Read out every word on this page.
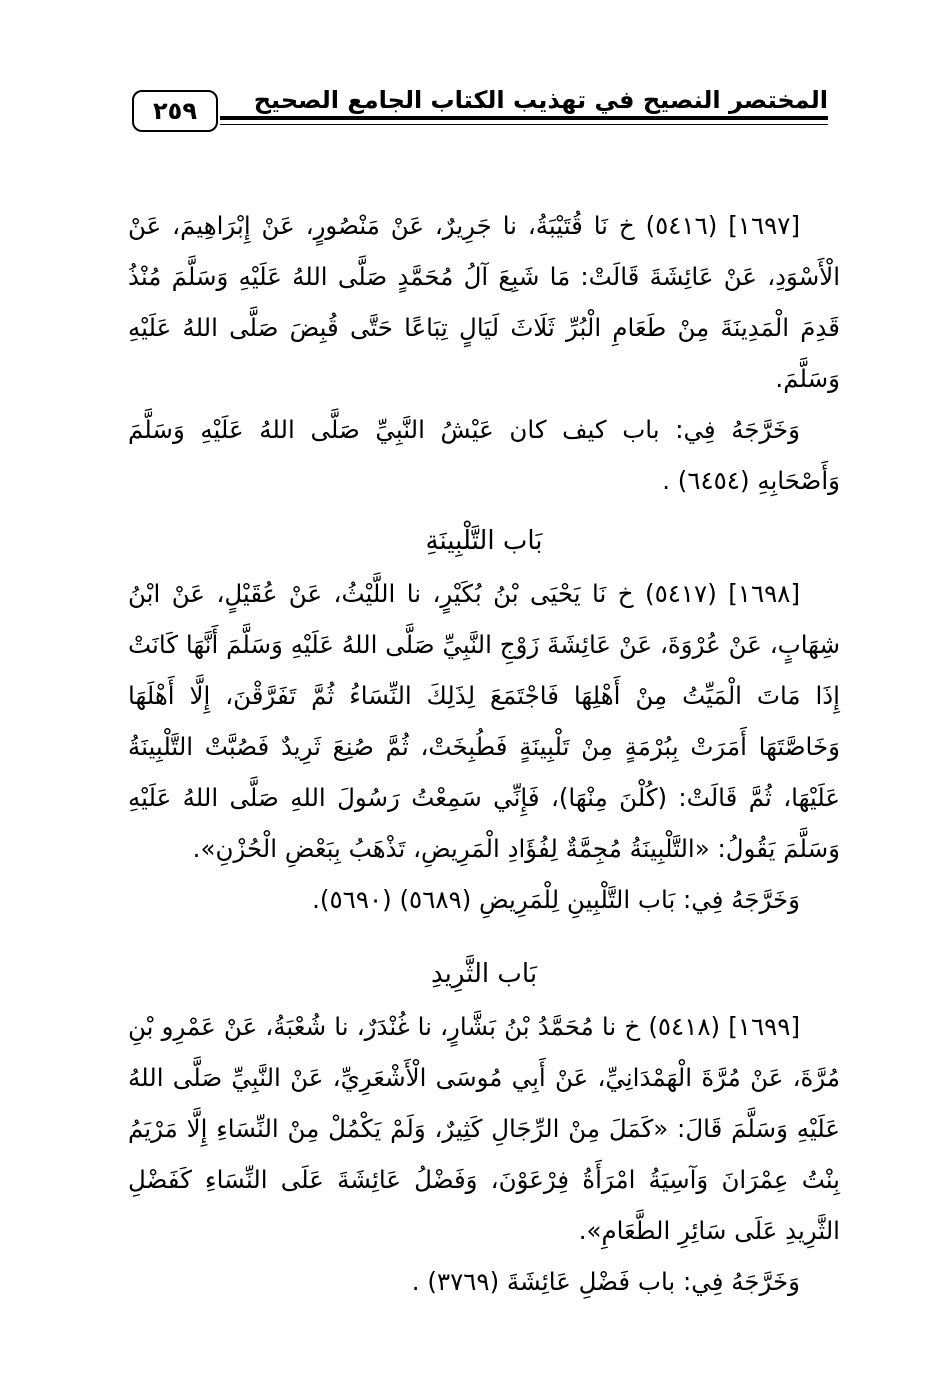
المختصر النصيح في تهذيب الكتاب الجامع الصحيح
٢٥٩

[١٦٩٧] (٥٤١٦) خ نَا قُتَيْبَةُ، نا جَرِيرٌ، عَنْ مَنْصُورٍ، عَنْ إِبْرَاهِيمَ، عَنْ الْأَسْوَدِ، عَنْ عَائِشَةَ قَالَتْ: مَا شَبِعَ آلُ مُحَمَّدٍ صَلَّى اللهُ عَلَيْهِ وَسَلَّمَ مُنْذُ قَدِمَ الْمَدِينَةَ مِنْ طَعَامِ الْبُرِّ ثَلَاثَ لَيَالٍ تِبَاعًا حَتَّى قُبِضَ صَلَّى اللهُ عَلَيْهِ وَسَلَّمَ.

وَخَرَّجَهُ فِي: باب كيف كان عَيْشُ النَّبِيِّ صَلَّى اللهُ عَلَيْهِ وَسَلَّمَ وَأَصْحَابِهِ (٦٤٥٤) .

بَاب التَّلْبِينَةِ

[١٦٩٨] (٥٤١٧) خ نَا يَحْيَى بْنُ بُكَيْرٍ، نا اللَّيْثُ، عَنْ عُقَيْلٍ، عَنْ ابْنُ شِهَابٍ، عَنْ عُرْوَةَ، عَنْ عَائِشَةَ زَوْجِ النَّبِيِّ صَلَّى اللهُ عَلَيْهِ وَسَلَّمَ أَنَّهَا كَانَتْ إِذَا مَاتَ الْمَيِّتُ مِنْ أَهْلِهَا فَاجْتَمَعَ لِذَلِكَ النِّسَاءُ ثُمَّ تَفَرَّقْنَ، إِلَّا أَهْلَهَا وَخَاصَّتَهَا أَمَرَتْ بِبُرْمَةٍ مِنْ تَلْبِينَةٍ فَطُبِخَتْ، ثُمَّ صُنِعَ ثَرِيدٌ فَصُبَّتْ التَّلْبِينَةُ عَلَيْهَا، ثُمَّ قَالَتْ: (كُلْنَ مِنْهَا)، فَإِنِّي سَمِعْتُ رَسُولَ اللهِ صَلَّى اللهُ عَلَيْهِ وَسَلَّمَ يَقُولُ: «التَّلْبِينَةُ مُجِمَّةٌ لِفُؤَادِ الْمَرِيضِ، تَذْهَبُ بِبَعْضِ الْحُزْنِ».

وَخَرَّجَهُ فِي: بَاب التَّلْبِينِ لِلْمَرِيضِ (٥٦٨٩) (٥٦٩٠).

بَاب الثَّرِيدِ

[١٦٩٩] (٥٤١٨) خ نا مُحَمَّدُ بْنُ بَشَّارٍ، نا غُنْدَرٌ، نا شُعْبَةُ، عَنْ عَمْرِو بْنِ مُرَّةَ، عَنْ مُرَّةَ الْهَمْدَانِيِّ، عَنْ أَبِي مُوسَى الْأَشْعَرِيِّ، عَنْ النَّبِيِّ صَلَّى اللهُ عَلَيْهِ وَسَلَّمَ قَالَ: «كَمَلَ مِنْ الرِّجَالِ كَثِيرٌ، وَلَمْ يَكْمُلْ مِنْ النِّسَاءِ إِلَّا مَرْيَمُ بِنْتُ عِمْرَانَ وَآسِيَةُ امْرَأَةُ فِرْعَوْنَ، وَفَضْلُ عَائِشَةَ عَلَى النِّسَاءِ كَفَضْلِ الثَّرِيدِ عَلَى سَائِرِ الطَّعَامِ».

وَخَرَّجَهُ فِي: باب فَضْلِ عَائِشَةَ (٣٧٦٩) .
